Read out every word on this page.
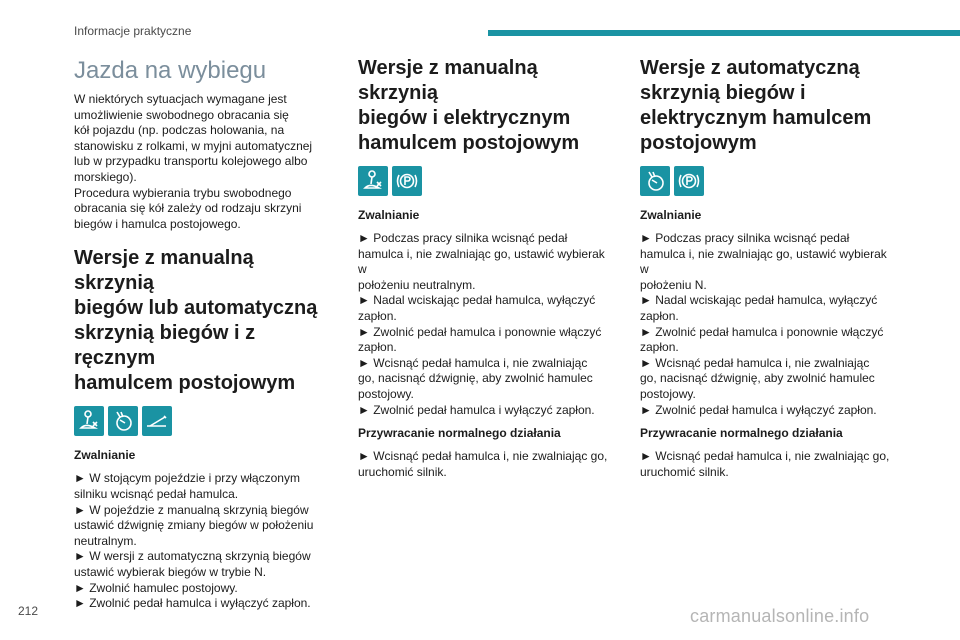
Informacje praktyczne
Jazda na wybiegu

W niektórych sytuacjach wymagane jest

umożliwienie swobodnego obracania się

kół pojazdu (np. podczas holowania, na

stanowisku z rolkami, w myjni automatycznej

lub w przypadku transportu kolejowego albo

morskiego).

Procedura wybierania trybu swobodnego

obracania się kół zależy od rodzaju skrzyni

biegów i hamulca postojowego.

Wersje z manualną skrzynią
biegów lub automatyczną
skrzynią biegów i z ręcznym
hamulcem postojowym

Zwalnianie

► W stojącym pojeździe i przy włączonym

silniku wcisnąć pedał hamulca.

► W pojeździe z manualną skrzynią biegów

ustawić dźwignię zmiany biegów w położeniu

neutralnym.

► W wersji z automatyczną skrzynią biegów

ustawić wybierak biegów w trybie N.

► Zwolnić hamulec postojowy.

► Zwolnić pedał hamulca i wyłączyć zapłon.

Wersje z manualną skrzynią
biegów i elektrycznym
hamulcem postojowym

Zwalnianie

► Podczas pracy silnika wcisnąć pedał

hamulca i, nie zwalniając go, ustawić wybierak w

położeniu neutralnym.

► Nadal wciskając pedał hamulca, wyłączyć

zapłon.

► Zwolnić pedał hamulca i ponownie włączyć

zapłon.

► Wcisnąć pedał hamulca i, nie zwalniając

go, nacisnąć dźwignię, aby zwolnić hamulec

postojowy.

► Zwolnić pedał hamulca i wyłączyć zapłon.

Przywracanie normalnego działania

► Wcisnąć pedał hamulca i, nie zwalniając go,

uruchomić silnik.

Wersje z automatyczną
skrzynią biegów i
elektrycznym hamulcem
postojowym

Zwalnianie

► Podczas pracy silnika wcisnąć pedał

hamulca i, nie zwalniając go, ustawić wybierak w

położeniu N.

► Nadal wciskając pedał hamulca, wyłączyć

zapłon.

► Zwolnić pedał hamulca i ponownie włączyć

zapłon.

► Wcisnąć pedał hamulca i, nie zwalniając

go, nacisnąć dźwignię, aby zwolnić hamulec

postojowy.

► Zwolnić pedał hamulca i wyłączyć zapłon.

Przywracanie normalnego działania

► Wcisnąć pedał hamulca i, nie zwalniając go,

uruchomić silnik.

212	carmanualsonline.info
